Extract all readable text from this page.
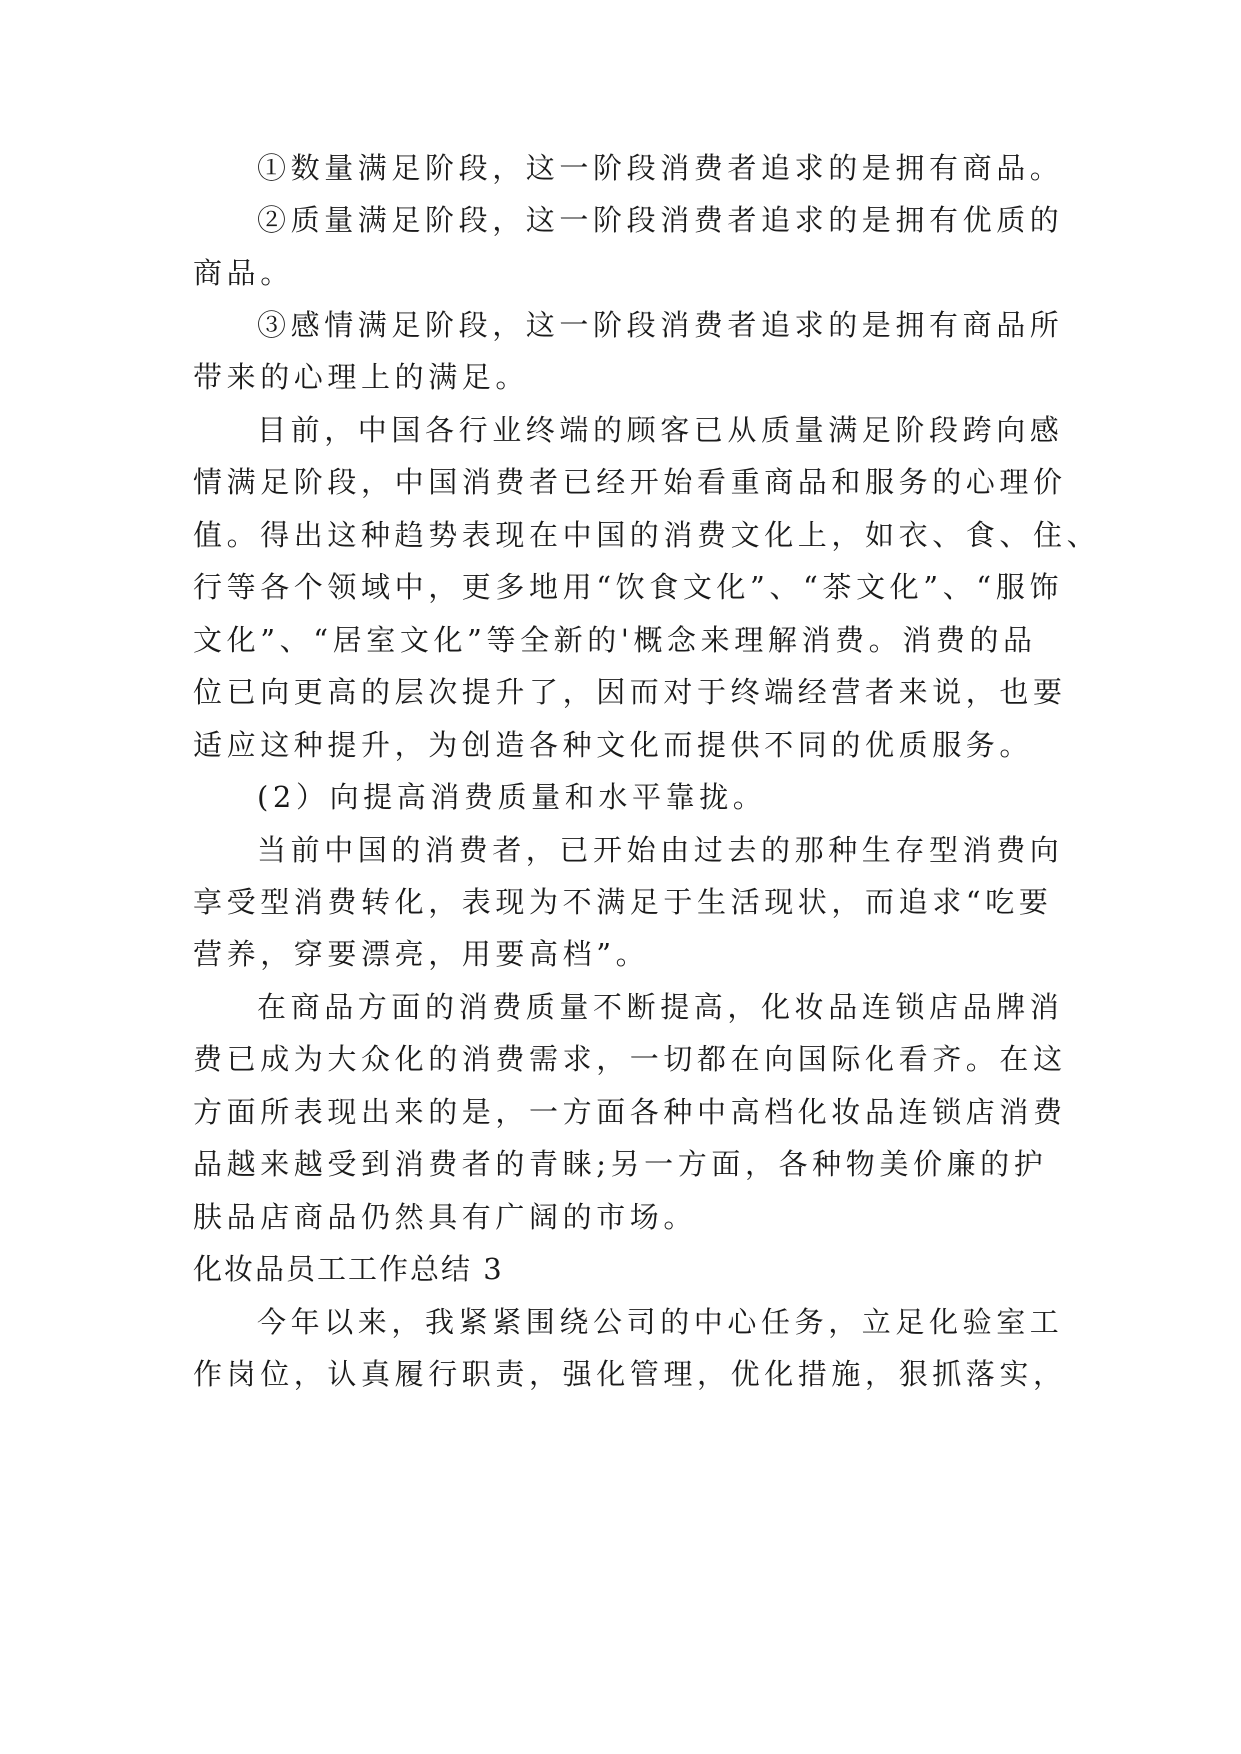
①数量满足阶段，这一阶段消费者追求的是拥有商品。
②质量满足阶段，这一阶段消费者追求的是拥有优质的
商品。
③感情满足阶段，这一阶段消费者追求的是拥有商品所
带来的心理上的满足。
目前，中国各行业终端的顾客已从质量满足阶段跨向感
情满足阶段，中国消费者已经开始看重商品和服务的心理价
值。得出这种趋势表现在中国的消费文化上，如衣、食、住、
行等各个领域中，更多地用“饮食文化”、“茶文化”、“服饰
文化”、“居室文化”等全新的'概念来理解消费。消费的品
位已向更高的层次提升了，因而对于终端经营者来说，也要
适应这种提升，为创造各种文化而提供不同的优质服务。
(2）向提高消费质量和水平靠拢。
当前中国的消费者，已开始由过去的那种生存型消费向
享受型消费转化，表现为不满足于生活现状，而追求“吃要
营养，穿要漂亮，用要高档”。
在商品方面的消费质量不断提高，化妆品连锁店品牌消
费已成为大众化的消费需求，一切都在向国际化看齐。在这
方面所表现出来的是，一方面各种中高档化妆品连锁店消费
品越来越受到消费者的青睐;另一方面，各种物美价廉的护
肤品店商品仍然具有广阔的市场。
化妆品员工工作总结 3
今年以来，我紧紧围绕公司的中心任务，立足化验室工
作岗位，认真履行职责，强化管理，优化措施，狠抓落实，
